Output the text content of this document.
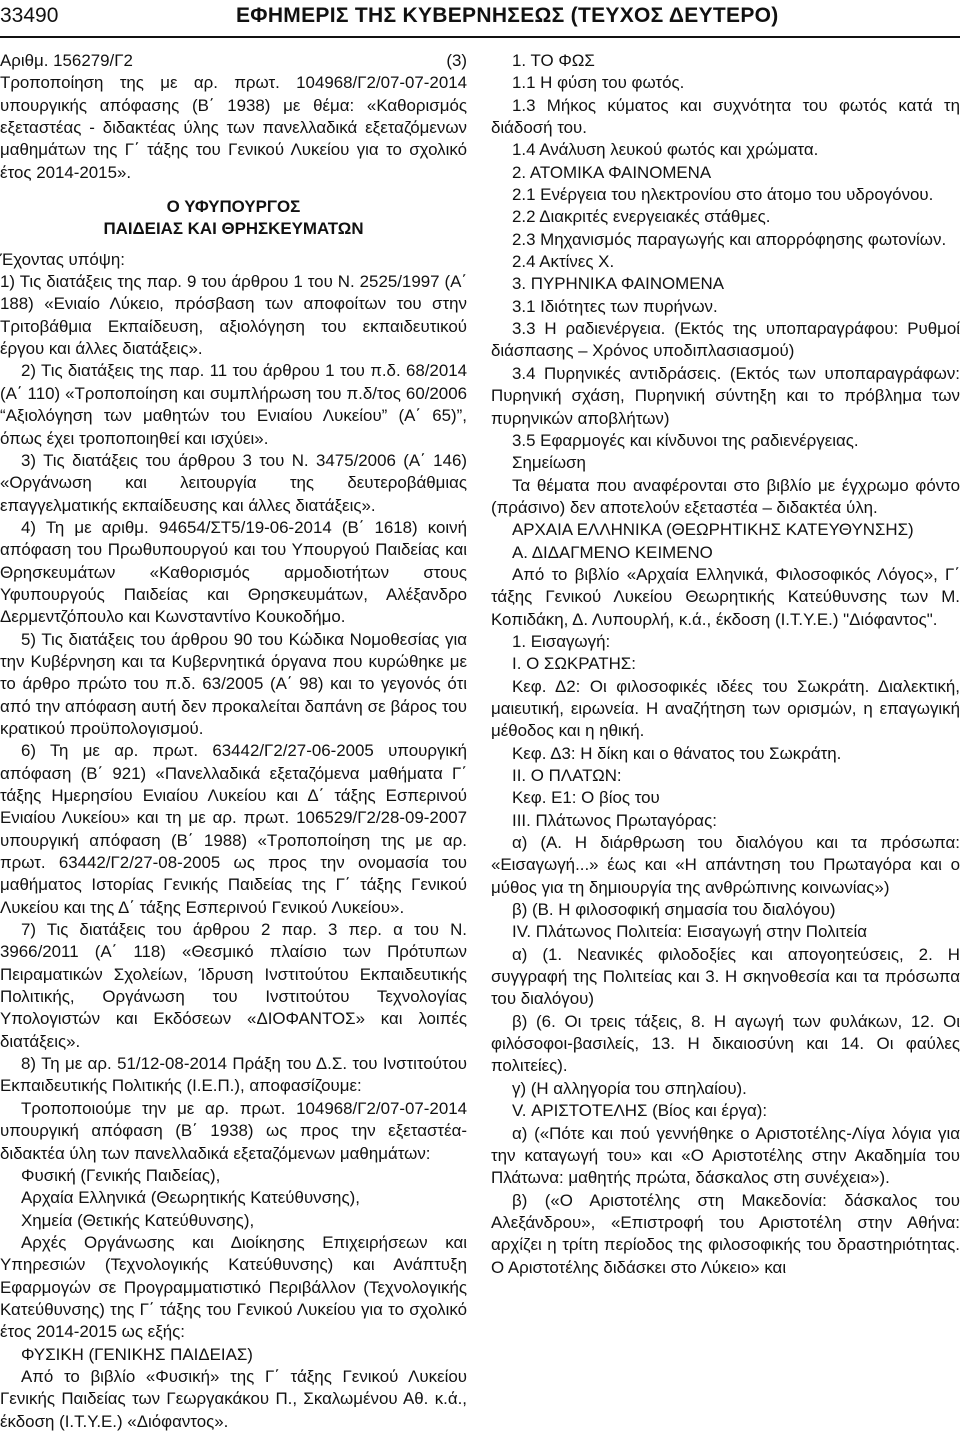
33490	ΕΦΗΜΕΡΙΣ ΤΗΣ ΚΥΒΕΡΝΗΣΕΩΣ (ΤΕΥΧΟΣ ΔΕΥΤΕΡΟ)
Αριθμ. 156279/Γ2	(3)

Τροποποίηση της με αρ. πρωτ. 104968/Γ2/07-07-2014 υπουργικής απόφασης (Β΄ 1938) με θέμα: «Καθορισμός εξεταστέας - διδακτέας ύλης των πανελλαδικά εξεταζόμενων μαθημάτων της Γ΄ τάξης του Γενικού Λυκείου για το σχολικό έτος 2014-2015».

Ο ΥΦΥΠΟΥΡΓΟΣ

ΠΑΙΔΕΙΑΣ ΚΑΙ ΘΡΗΣΚΕΥΜΑΤΩΝ

Έχοντας υπόψη:

1) Τις διατάξεις της παρ. 9 του άρθρου 1 του Ν. 2525/1997 (Α΄ 188) «Ενιαίο Λύκειο, πρόσβαση των αποφοίτων του στην Τριτοβάθμια Εκπαίδευση, αξιολόγηση του εκπαιδευτικού έργου και άλλες διατάξεις».

2) Τις διατάξεις της παρ. 11 του άρθρου 1 του π.δ. 68/2014 (Α΄ 110) «Τροποποίηση και συμπλήρωση του π.δ/τος 60/2006 “Αξιολόγηση των μαθητών του Ενιαίου Λυκείου” (Α΄ 65)”, όπως έχει τροποποιηθεί και ισχύει».

3) Τις διατάξεις του άρθρου 3 του Ν. 3475/2006 (Α΄ 146) «Οργάνωση και λειτουργία της δευτεροβάθμιας επαγγελματικής εκπαίδευσης και άλλες διατάξεις».

4) Τη με αριθμ. 94654/ΣΤ5/19-06-2014 (Β΄ 1618) κοινή απόφαση του Πρωθυπουργού και του Υπουργού Παιδείας και Θρησκευμάτων «Καθορισμός αρμοδιοτήτων στους Υφυπουργούς Παιδείας και Θρησκευμάτων, Αλέξανδρο Δερμεντζόπουλο και Κωνσταντίνο Κουκοδήμο.

5) Τις διατάξεις του άρθρου 90 του Κώδικα Νομοθεσίας για την Κυβέρνηση και τα Κυβερνητικά όργανα που κυρώθηκε με το άρθρο πρώτο του π.δ. 63/2005 (Α΄ 98) και το γεγονός ότι από την απόφαση αυτή δεν προκαλείται δαπάνη σε βάρος του κρατικού προϋπολογισμού.

6) Τη με αρ. πρωτ. 63442/Γ2/27-06-2005 υπουργική απόφαση (Β΄ 921) «Πανελλαδικά εξεταζόμενα μαθήματα Γ΄ τάξης Ημερησίου Ενιαίου Λυκείου και Δ΄ τάξης Εσπερινού Ενιαίου Λυκείου» και τη με αρ. πρωτ. 106529/Γ2/28-09-2007 υπουργική απόφαση (Β΄ 1988) «Τροποποίηση της με αρ. πρωτ. 63442/Γ2/27-08-2005 ως προς την ονομασία του μαθήματος Ιστορίας Γενικής Παιδείας της Γ΄ τάξης Γενικού Λυκείου και της Δ΄ τάξης Εσπερινού Γενικού Λυκείου».

7) Τις διατάξεις του άρθρου 2 παρ. 3 περ. α του Ν. 3966/2011 (Α΄ 118) «Θεσμικό πλαίσιο των Πρότυπων Πειραματικών Σχολείων, Ίδρυση Ινστιτούτου Εκπαιδευτικής Πολιτικής, Οργάνωση του Ινστιτούτου Τεχνολογίας Υπολογιστών και Εκδόσεων «ΔΙΟΦΑΝΤΟΣ» και λοιπές διατάξεις».

8) Τη με αρ. 51/12-08-2014 Πράξη του Δ.Σ. του Ινστιτούτου Εκπαιδευτικής Πολιτικής (Ι.Ε.Π.), αποφασίζουμε:

Τροποποιούμε την με αρ. πρωτ. 104968/Γ2/07-07-2014 υπουργική απόφαση (Β΄ 1938) ως προς την εξεταστέα-διδακτέα ύλη των πανελλαδικά εξεταζόμενων μαθημάτων:

Φυσική (Γενικής Παιδείας),

Αρχαία Ελληνικά (Θεωρητικής Κατεύθυνσης),

Χημεία (Θετικής Κατεύθυνσης),

Αρχές Οργάνωσης και Διοίκησης Επιχειρήσεων και Υπηρεσιών (Τεχνολογικής Κατεύθυνσης) και Ανάπτυξη Εφαρμογών σε Προγραμματιστικό Περιβάλλον (Τεχνολογικής Κατεύθυνσης) της Γ΄ τάξης του Γενικού Λυκείου για το σχολικό έτος 2014-2015 ως εξής:

ΦΥΣΙΚΗ (ΓΕΝΙΚΗΣ ΠΑΙΔΕΙΑΣ)

Από το βιβλίο «Φυσική» της Γ΄ τάξης Γενικού Λυκείου Γενικής Παιδείας των Γεωργακάκου Π., Σκαλωμένου Αθ. κ.ά., έκδοση (Ι.Τ.Υ.Ε.) «Διόφαντος».

1. ΤΟ ΦΩΣ

1.1 Η φύση του φωτός.

1.3 Μήκος κύματος και συχνότητα του φωτός κατά τη διάδοσή του.

1.4 Ανάλυση λευκού φωτός και χρώματα.

2. ΑΤΟΜΙΚΑ ΦΑΙΝΟΜΕΝΑ

2.1 Ενέργεια του ηλεκτρονίου στο άτομο του υδρογόνου.

2.2 Διακριτές ενεργειακές στάθμες.

2.3 Μηχανισμός παραγωγής και απορρόφησης φωτονίων.

2.4 Ακτίνες Χ.

3. ΠΥΡΗΝΙΚΑ ΦΑΙΝΟΜΕΝΑ

3.1 Ιδιότητες των πυρήνων.

3.3 Η ραδιενέργεια. (Εκτός της υποπαραγράφου: Ρυθμοί διάσπασης – Χρόνος υποδιπλασιασμού)

3.4 Πυρηνικές αντιδράσεις. (Εκτός των υποπαραγράφων: Πυρηνική σχάση, Πυρηνική σύντηξη και το πρόβλημα των πυρηνικών αποβλήτων)

3.5 Εφαρμογές και κίνδυνοι της ραδιενέργειας.

Σημείωση

Τα θέματα που αναφέρονται στο βιβλίο με έγχρωμο φόντο (πράσινο) δεν αποτελούν εξεταστέα – διδακτέα ύλη.

ΑΡΧΑΙΑ ΕΛΛΗΝΙΚΑ (ΘΕΩΡΗΤΙΚΗΣ ΚΑΤΕΥΘΥΝΣΗΣ)

Α. ΔΙΔΑΓΜΕΝΟ ΚΕΙΜΕΝΟ

Από το βιβλίο «Αρχαία Ελληνικά, Φιλοσοφικός Λόγος», Γ΄ τάξης Γενικού Λυκείου Θεωρητικής Κατεύθυνσης των Μ. Κοπιδάκη, Δ. Λυπουρλή, κ.ά., έκδοση (Ι.Τ.Υ.Ε.) "Διόφαντος".

1. Εισαγωγή:

Ι. Ο ΣΩΚΡΑΤΗΣ:

Κεφ. Δ2: Οι φιλοσοφικές ιδέες του Σωκράτη. Διαλεκτική, μαιευτική, ειρωνεία. Η αναζήτηση των ορισμών, η επαγωγική μέθοδος και η ηθική.

Κεφ. Δ3: Η δίκη και ο θάνατος του Σωκράτη.

ΙΙ. Ο ΠΛΑΤΩΝ:

Κεφ. Ε1: Ο βίος του

ΙΙΙ. Πλάτωνος Πρωταγόρας:

α) (Α. Η διάρθρωση του διαλόγου και τα πρόσωπα: «Εισαγωγή...» έως και «Η απάντηση του Πρωταγόρα και ο μύθος για τη δημιουργία της ανθρώπινης κοινωνίας»)

β) (Β. Η φιλοσοφική σημασία του διαλόγου)

ΙV. Πλάτωνος Πολιτεία: Εισαγωγή στην Πολιτεία

α) (1. Νεανικές φιλοδοξίες και απογοητεύσεις, 2. Η συγγραφή της Πολιτείας και 3. Η σκηνοθεσία και τα πρόσωπα του διαλόγου)

β) (6. Οι τρεις τάξεις, 8. Η αγωγή των φυλάκων, 12. Οι φιλόσοφοι-βασιλείς, 13. Η δικαιοσύνη και 14. Οι φαύλες πολιτείες).

γ) (Η αλληγορία του σπηλαίου).

V. ΑΡΙΣΤΟΤΕΛΗΣ (Βίος και έργα):

α) («Πότε και πού γεννήθηκε ο Αριστοτέλης-Λίγα λόγια για την καταγωγή του» και «Ο Αριστοτέλης στην Ακαδημία του Πλάτωνα: μαθητής πρώτα, δάσκαλος στη συνέχεια»).

β) («Ο Αριστοτέλης στη Μακεδονία: δάσκαλος του Αλεξάνδρου», «Επιστροφή του Αριστοτέλη στην Αθήνα: αρχίζει η τρίτη περίοδος της φιλοσοφικής του δραστηριότητας. Ο Αριστοτέλης διδάσκει στο Λύκειο» και
